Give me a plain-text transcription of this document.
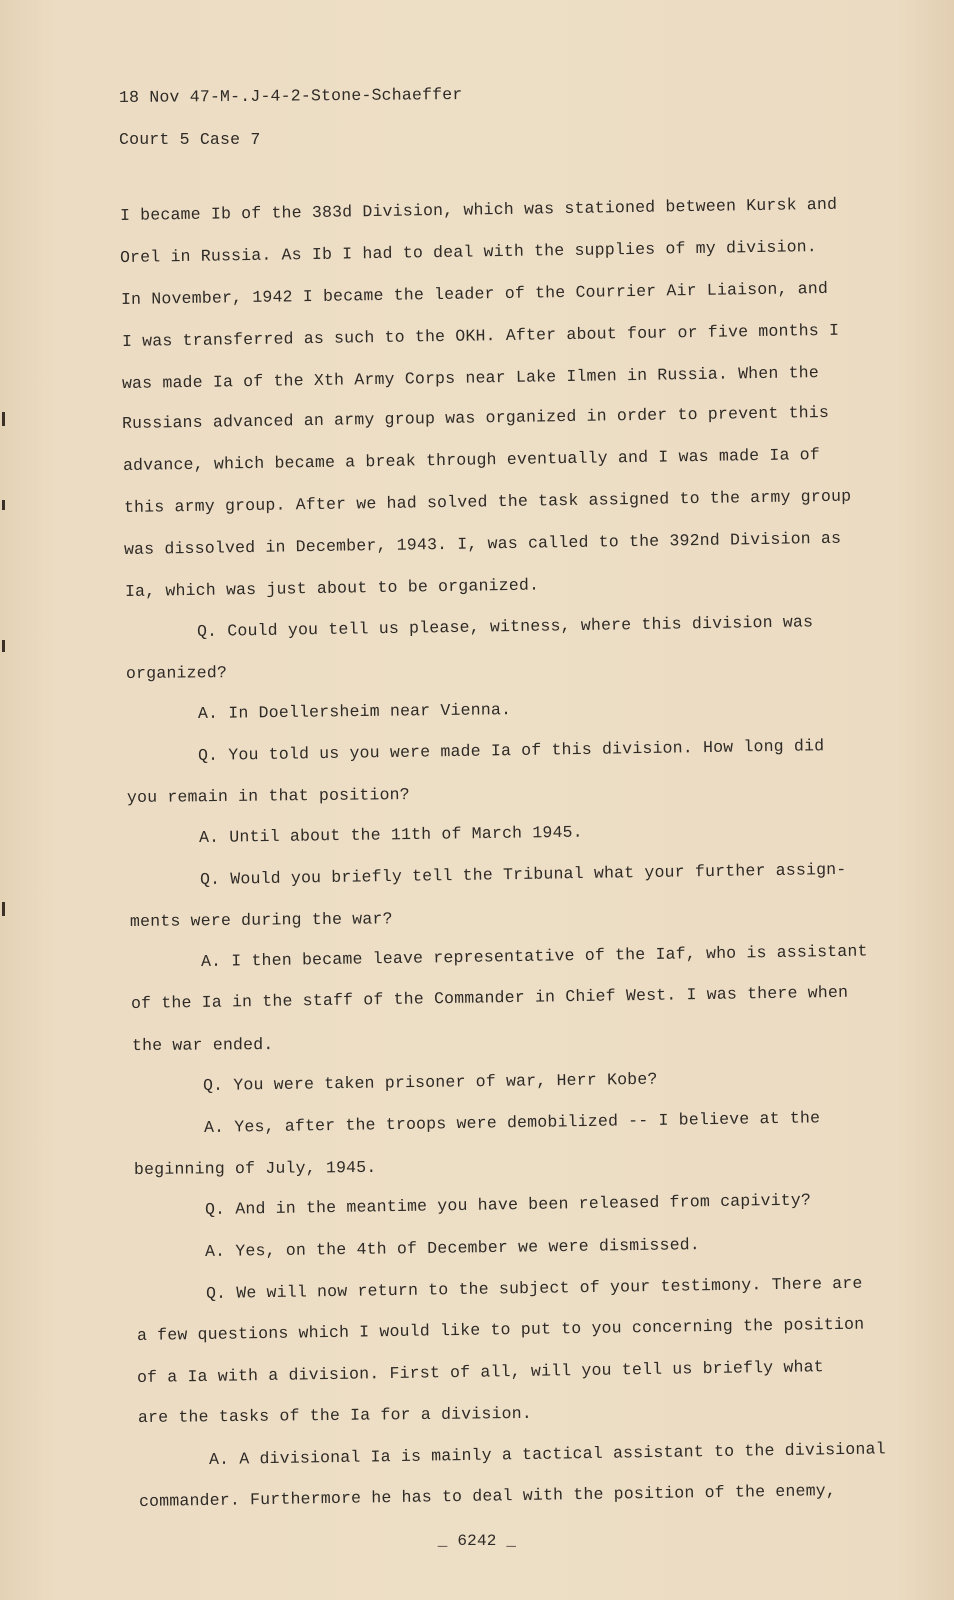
18 Nov 47-M-.J-4-2-Stone-Schaeffer
Court 5 Case 7
I became Ib of the 383d Division, which was stationed between Kursk and
Orel in Russia. As Ib I had to deal with the supplies of my division.
In November, 1942 I became the leader of the Courrier Air Liaison, and
I was transferred as such to the OKH. After about four or five months I
was made Ia of the Xth Army Corps near Lake Ilmen in Russia. When the
Russians advanced an army group was organized in order to prevent this
advance, which became a break through eventually and I was made Ia of
this army group. After we had solved the task assigned to the army group
was dissolved in December, 1943. I, was called to the 392nd Division as
Ia, which was just about to be organized.
Q. Could you tell us please, witness, where this division was
organized?
A. In Doellersheim near Vienna.
Q. You told us you were made Ia of this division. How long did
you remain in that position?
A. Until about the 11th of March 1945.
Q. Would you briefly tell the Tribunal what your further assign-
ments were during the war?
A. I then became leave representative of the Iaf, who is assistant
of the Ia in the staff of the Commander in Chief West. I was there when
the war ended.
Q. You were taken prisoner of war, Herr Kobe?
A. Yes, after the troops were demobilized -- I believe at the
beginning of July, 1945.
Q. And in the meantime you have been released from capivity?
A. Yes, on the 4th of December we were dismissed.
Q. We will now return to the subject of your testimony. There are
a few questions which I would like to put to you concerning the position
of a Ia with a division. First of all, will you tell us briefly what
are the tasks of the Ia for a division.
A. A divisional Ia is mainly a tactical assistant to the divisional
commander. Furthermore he has to deal with the position of the enemy,
_ 6242 _
